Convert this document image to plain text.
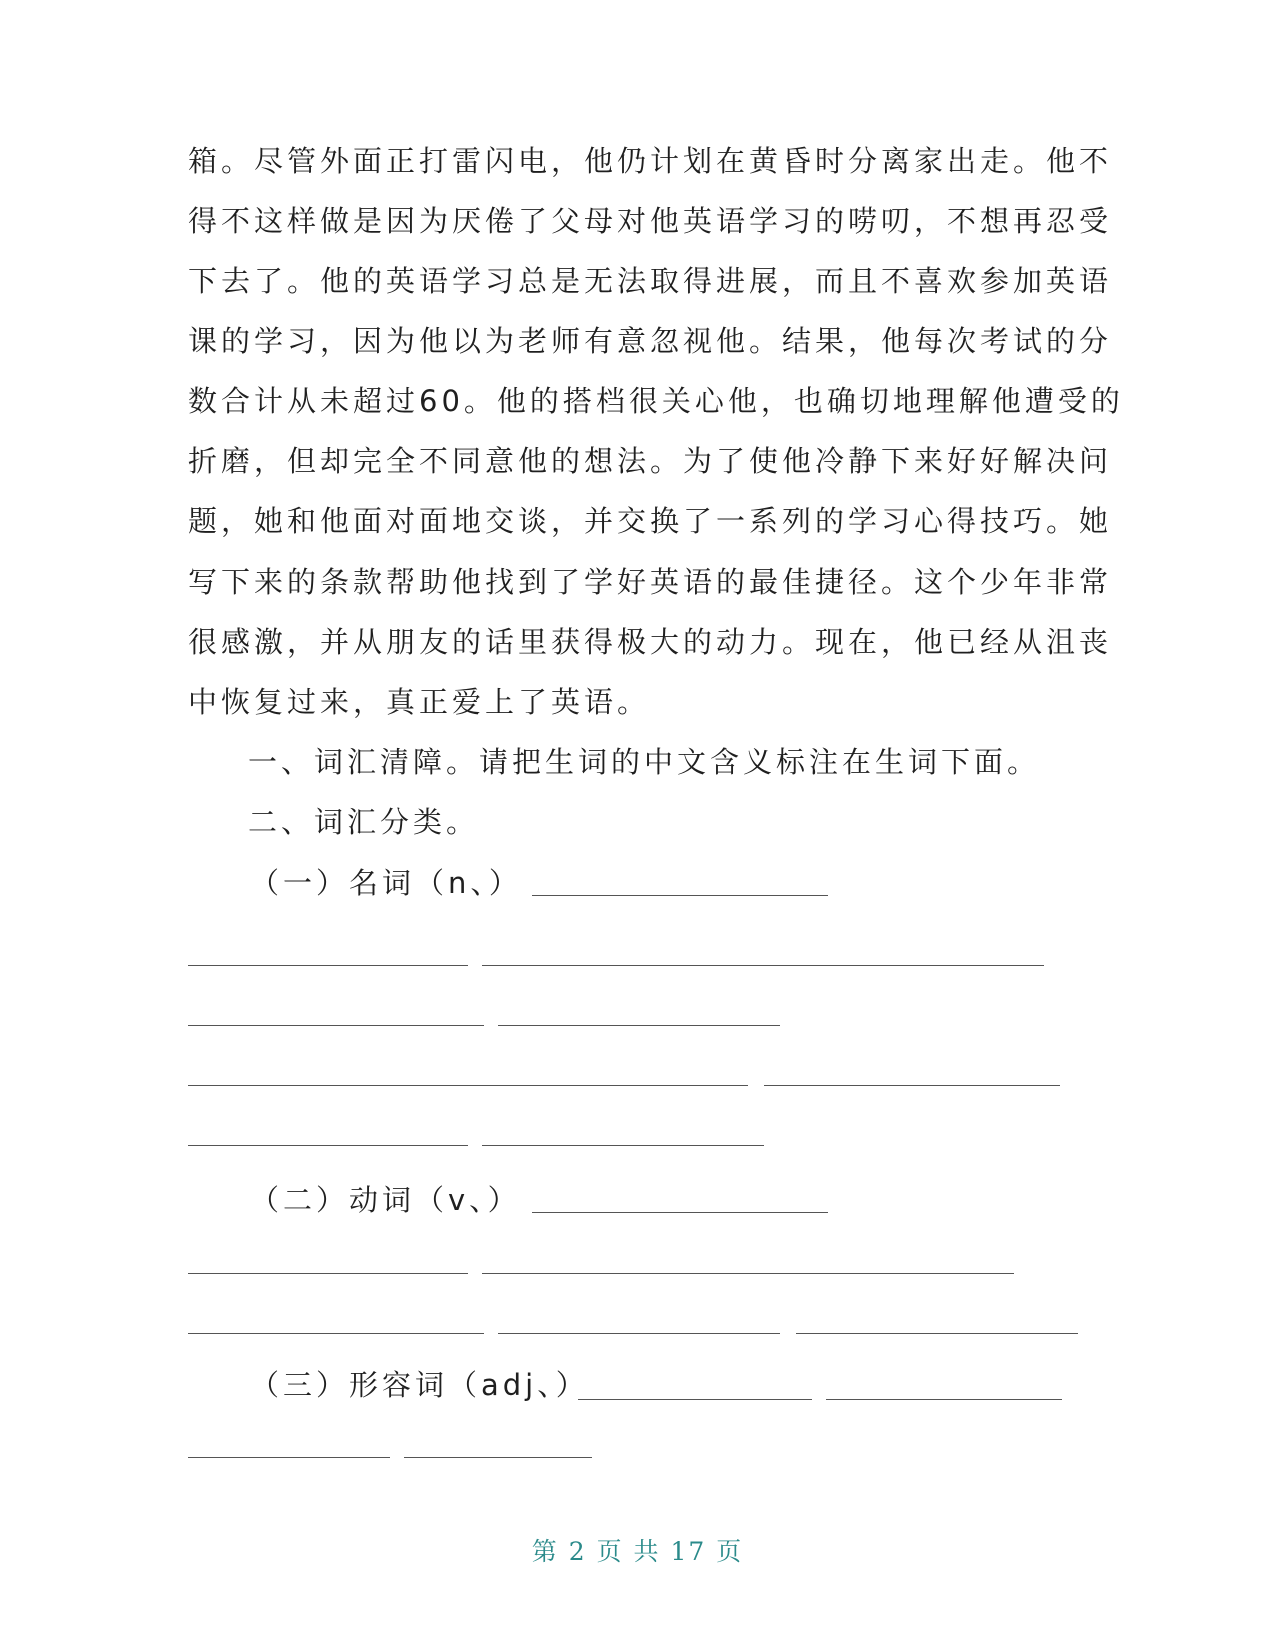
箱。尽管外面正打雷闪电，他仍计划在黄昏时分离家出走。他不
得不这样做是因为厌倦了父母对他英语学习的唠叨，不想再忍受
下去了。他的英语学习总是无法取得进展，而且不喜欢参加英语
课的学习，因为他以为老师有意忽视他。结果，他每次考试的分
数合计从未超过60。他的搭档很关心他，也确切地理解他遭受的
折磨，但却完全不同意他的想法。为了使他冷静下来好好解决问
题，她和他面对面地交谈，并交换了一系列的学习心得技巧。她
写下来的条款帮助他找到了学好英语的最佳捷径。这个少年非常
很感激，并从朋友的话里获得极大的动力。现在，他已经从沮丧
中恢复过来，真正爱上了英语。
一、词汇清障。请把生词的中文含义标注在生词下面。
二、词汇分类。
（一）名词（n、）
（二）动词（v、）
（三）形容词（adj、）
第 2 页 共 17 页
